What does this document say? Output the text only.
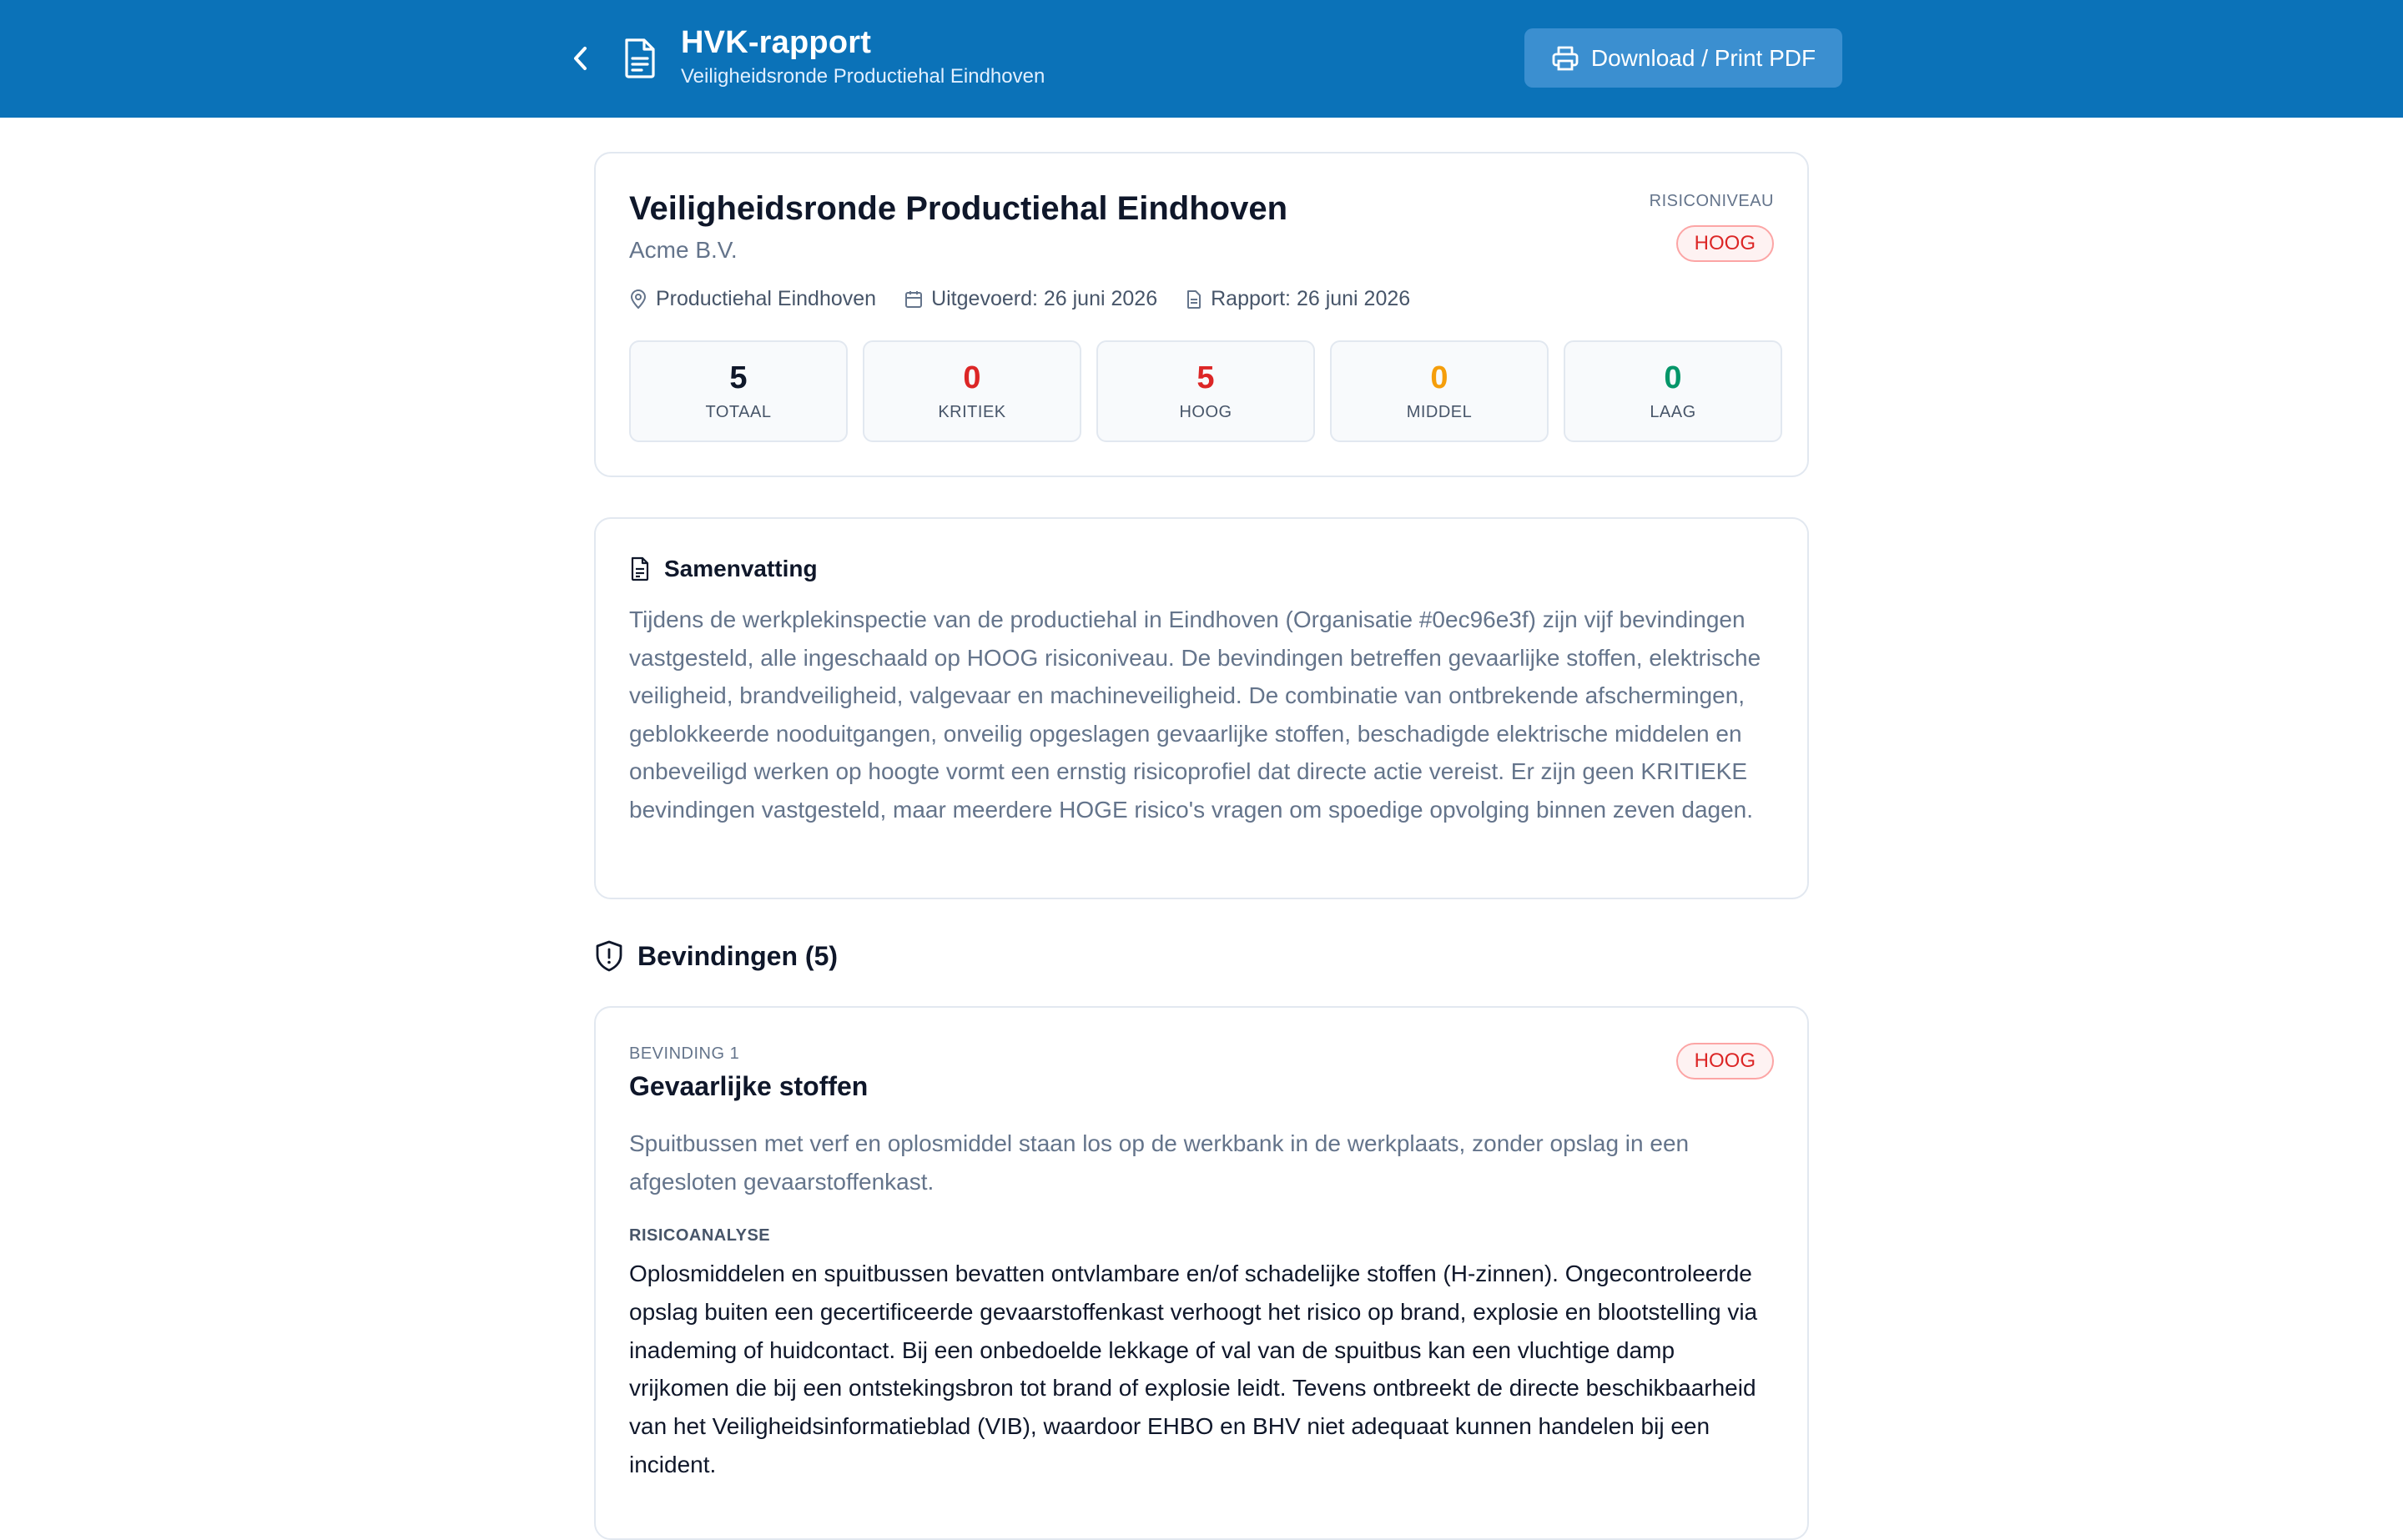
HVK-rapport
Veiligheidsronde Productiehal Eindhoven
Download / Print PDF
Veiligheidsronde Productiehal Eindhoven
Acme B.V.
RISICONIVEAU
HOOG
Productiehal Eindhoven	Uitgevoerd: 26 juni 2026	Rapport: 26 juni 2026
5
TOTAAL
0
KRITIEK
5
HOOG
0
MIDDEL
0
LAAG
Samenvatting
Tijdens de werkplekinspectie van de productiehal in Eindhoven (Organisatie #0ec96e3f) zijn vijf bevindingen vastgesteld, alle ingeschaald op HOOG risiconiveau. De bevindingen betreffen gevaarlijke stoffen, elektrische veiligheid, brandveiligheid, valgevaar en machineveiligheid. De combinatie van ontbrekende afschermingen, geblokkeerde nooduitgangen, onveilig opgeslagen gevaarlijke stoffen, beschadigde elektrische middelen en onbeveiligd werken op hoogte vormt een ernstig risicoprofiel dat directe actie vereist. Er zijn geen KRITIEKE bevindingen vastgesteld, maar meerdere HOGE risico's vragen om spoedige opvolging binnen zeven dagen.
Bevindingen (5)
BEVINDING 1
Gevaarlijke stoffen
HOOG
Spuitbussen met verf en oplosmiddel staan los op de werkbank in de werkplaats, zonder opslag in een afgesloten gevaarstoffenkast.
RISICOANALYSE
Oplosmiddelen en spuitbussen bevatten ontvlambare en/of schadelijke stoffen (H-zinnen). Ongecontroleerde opslag buiten een gecertificeerde gevaarstoffenkast verhoogt het risico op brand, explosie en blootstelling via inademing of huidcontact. Bij een onbedoelde lekkage of val van de spuitbus kan een vluchtige damp vrijkomen die bij een ontstekingsbron tot brand of explosie leidt. Tevens ontbreekt de directe beschikbaarheid van het Veiligheidsinformatieblad (VIB), waardoor EHBO en BHV niet adequaat kunnen handelen bij een incident.
